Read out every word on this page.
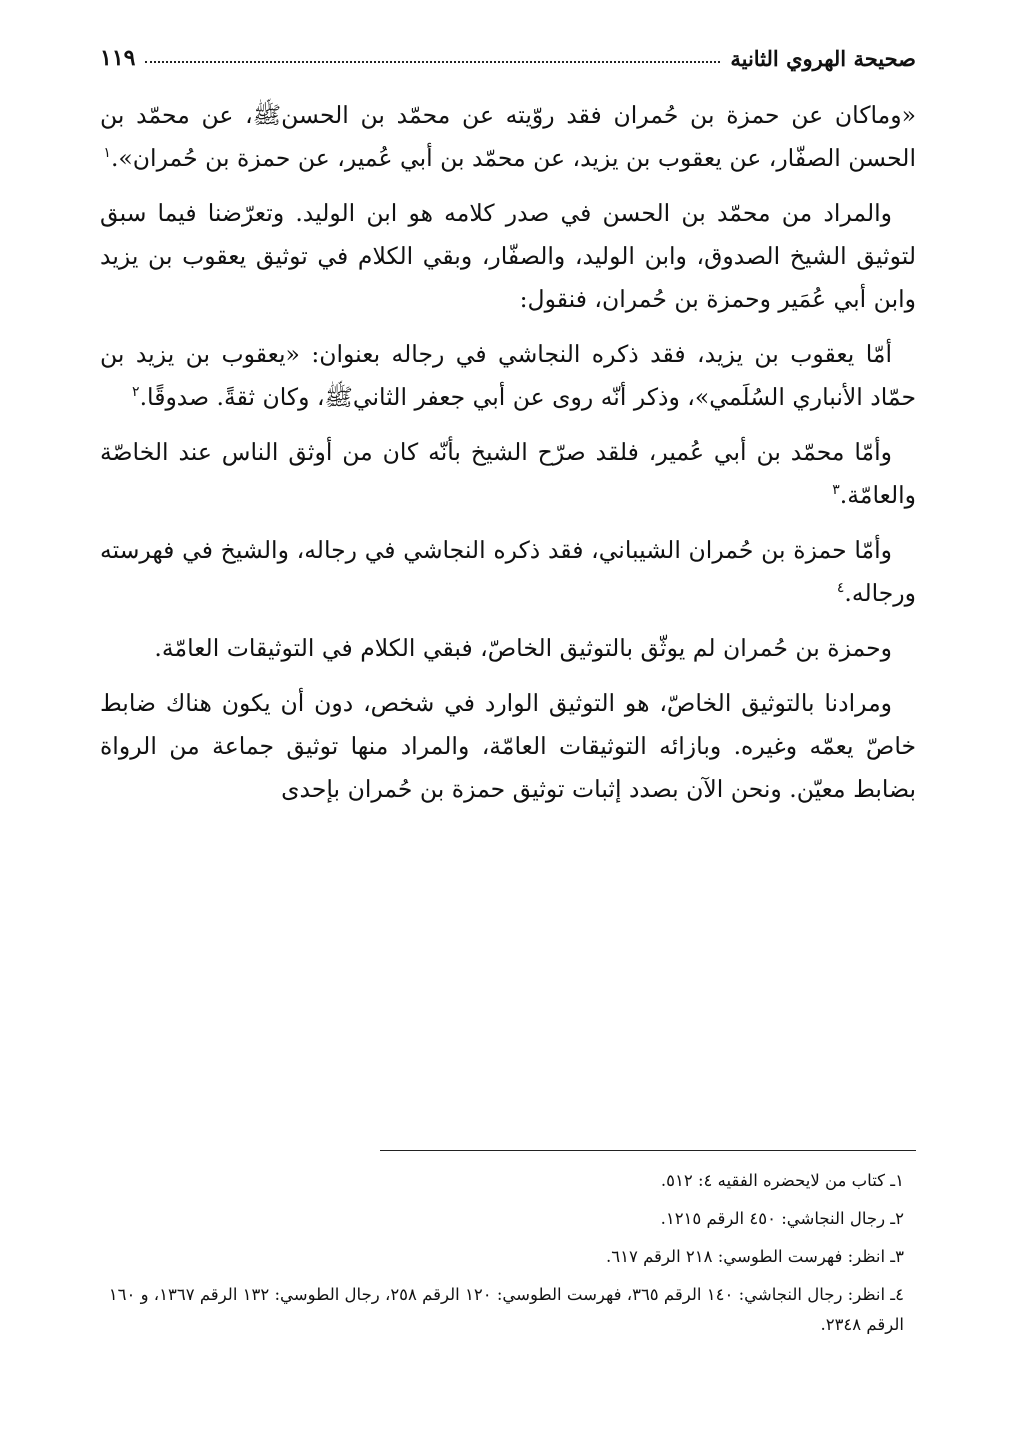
صحيحة الهروي الثانية
١١٩

«وماكان عن حمزة بن حُمران فقد روّيته عن محمّد بن الحسنﷺ، عن محمّد بن الحسن الصفّار، عن يعقوب بن يزيد، عن محمّد بن أبي عُمير، عن حمزة بن حُمران».$^١$

والمراد من محمّد بن الحسن في صدر كلامه هو ابن الوليد. وتعرّضنا فيما سبق لتوثيق الشيخ الصدوق، وابن الوليد، والصفّار، وبقي الكلام في توثيق يعقوب بن يزيد وابن أبي عُمَير وحمزة بن حُمران، فنقول:

أمّا يعقوب بن يزيد، فقد ذكره النجاشي في رجاله بعنوان: «يعقوب بن يزيد بن حمّاد الأنباري السُلَمي»، وذكر أنّه روى عن أبي جعفر الثانيﷺ، وكان ثقةً. صدوقًا.$^٢$

وأمّا محمّد بن أبي عُمير، فلقد صرّح الشيخ بأنّه كان من أوثق الناس عند الخاصّة والعامّة.$^٣$

وأمّا حمزة بن حُمران الشيباني، فقد ذكره النجاشي في رجاله، والشيخ في فهرسته ورجاله.$^٤$

وحمزة بن حُمران لم يوثّق بالتوثيق الخاصّ، فبقي الكلام في التوثيقات العامّة.

ومرادنا بالتوثيق الخاصّ، هو التوثيق الوارد في شخص، دون أن يكون هناك ضابط خاصّ يعمّه وغيره. وبازائه التوثيقات العامّة، والمراد منها توثيق جماعة من الرواة بضابط معيّن. ونحن الآن بصدد إثبات توثيق حمزة بن حُمران بإحدى

١ـ كتاب من لايحضره الفقيه ٤: ٥١٢.
٢ـ رجال النجاشي: ٤٥٠ الرقم ١٢١٥.
٣ـ انظر: فهرست الطوسي: ٢١٨ الرقم ٦١٧.
٤ـ انظر: رجال النجاشي: ١٤٠ الرقم ٣٦٥، فهرست الطوسي: ١٢٠ الرقم ٢٥٨، رجال الطوسي: ١٣٢ الرقم ١٣٦٧، و ١٦٠ الرقم ٢٣٤٨.
